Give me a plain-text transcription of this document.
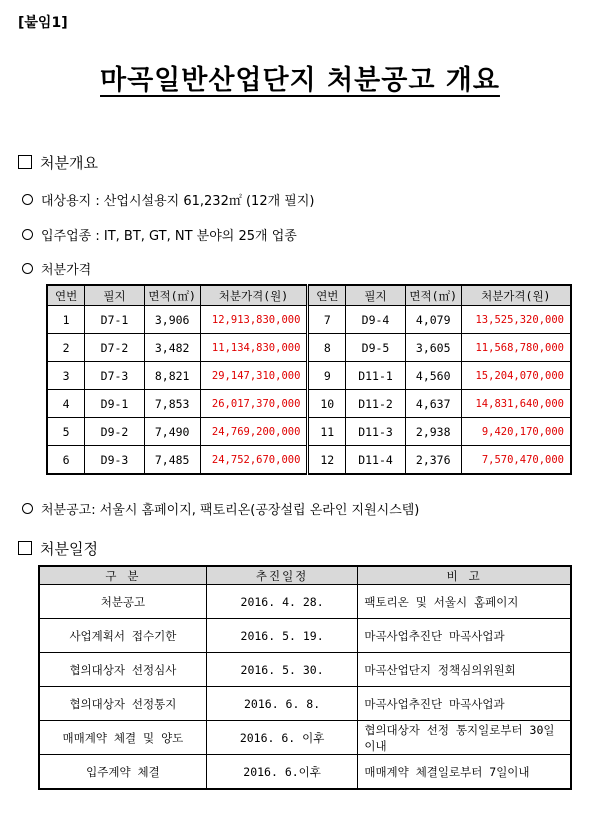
[붙임1]
마곡일반산업단지 처분공고 개요
처분개요
대상용지 : 산업시설용지 61,232㎡ (12개 필지)
입주업종 : IT, BT, GT, NT 분야의 25개 업종
처분가격
연번	필지	면적(㎡)	처분가격(원)	연번	필지	면적(㎡)	처분가격(원)
1	D7-1	3,906	12,913,830,000	7	D9-4	4,079	13,525,320,000
2	D7-2	3,482	11,134,830,000	8	D9-5	3,605	11,568,780,000
3	D7-3	8,821	29,147,310,000	9	D11-1	4,560	15,204,070,000
4	D9-1	7,853	26,017,370,000	10	D11-2	4,637	14,831,640,000
5	D9-2	7,490	24,769,200,000	11	D11-3	2,938	9,420,170,000
6	D9-3	7,485	24,752,670,000	12	D11-4	2,376	7,570,470,000
처분공고: 서울시 홈페이지, 팩토리온(공장설립 온라인 지원시스템)
처분일정
구 분	추진일정	비 고
처분공고	2016. 4. 28.	팩토리온 및 서울시 홈페이지
사업계획서 접수기한	2016. 5. 19.	마곡사업추진단 마곡사업과
협의대상자 선정심사	2016. 5. 30.	마곡산업단지 정책심의위원회
협의대상자 선정통지	2016. 6. 8.	마곡사업추진단 마곡사업과
매매계약 체결 및 양도	2016. 6. 이후	협의대상자 선정 통지일로부터 30일 이내
입주계약 체결	2016. 6.이후	매매계약 체결일로부터 7일이내
